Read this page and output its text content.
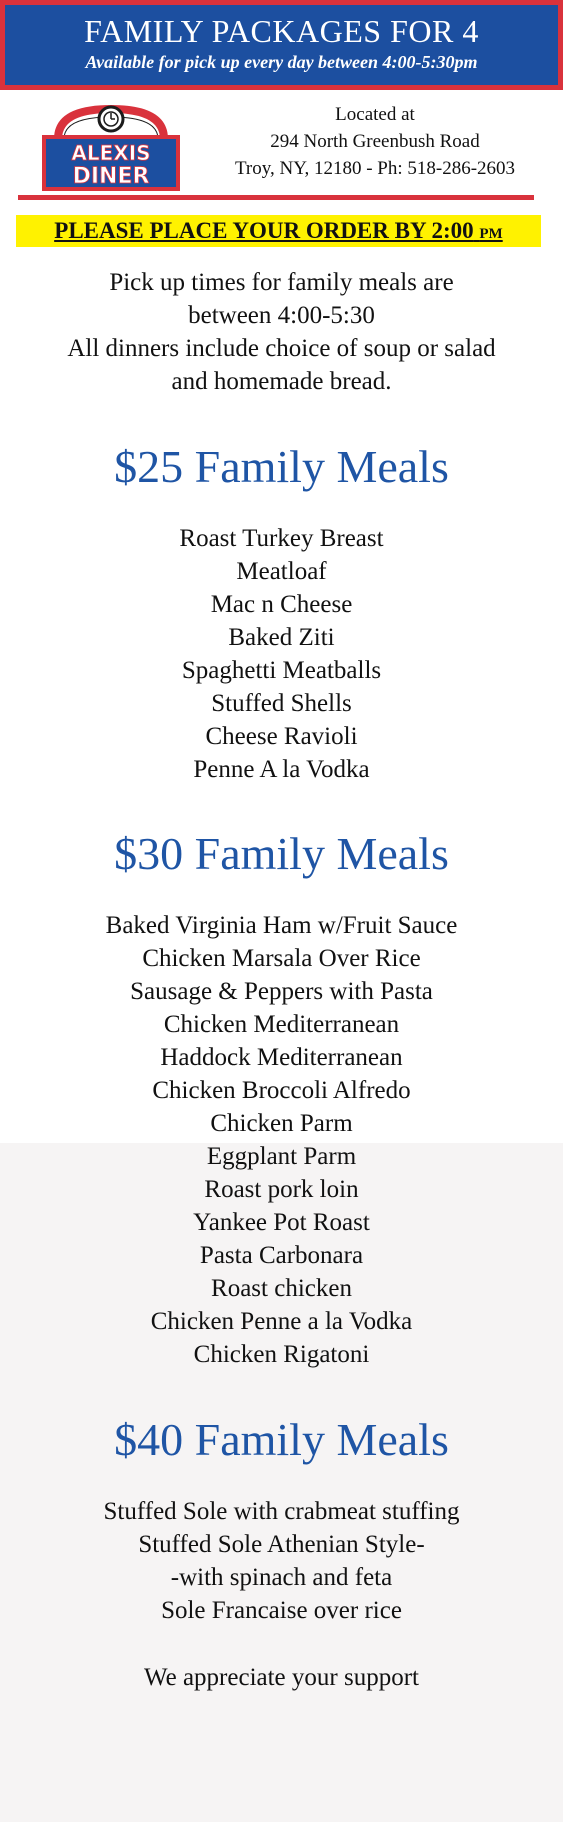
FAMILY PACKAGES FOR 4
Available for pick up every day between 4:00-5:30pm
ALEXIS
DINER
Located at
294 North Greenbush Road
Troy, NY, 12180 - Ph: 518-286-2603
PLEASE PLACE YOUR ORDER BY 2:00 PM
Pick up times for family meals are
between 4:00-5:30
All dinners include choice of soup or salad
and homemade bread.
$25 Family Meals
Roast Turkey Breast
Meatloaf
Mac n Cheese
Baked Ziti
Spaghetti Meatballs
Stuffed Shells
Cheese Ravioli
Penne A la Vodka
$30 Family Meals
Baked Virginia Ham w/Fruit Sauce
Chicken Marsala Over Rice
Sausage & Peppers with Pasta
Chicken Mediterranean
Haddock Mediterranean
Chicken Broccoli Alfredo
Chicken Parm
Eggplant Parm
Roast pork loin
Yankee Pot Roast
Pasta Carbonara
Roast chicken
Chicken Penne a la Vodka
Chicken Rigatoni
$40 Family Meals
Stuffed Sole with crabmeat stuffing
Stuffed Sole Athenian Style-
-with spinach and feta
Sole Francaise over rice
We appreciate your support
